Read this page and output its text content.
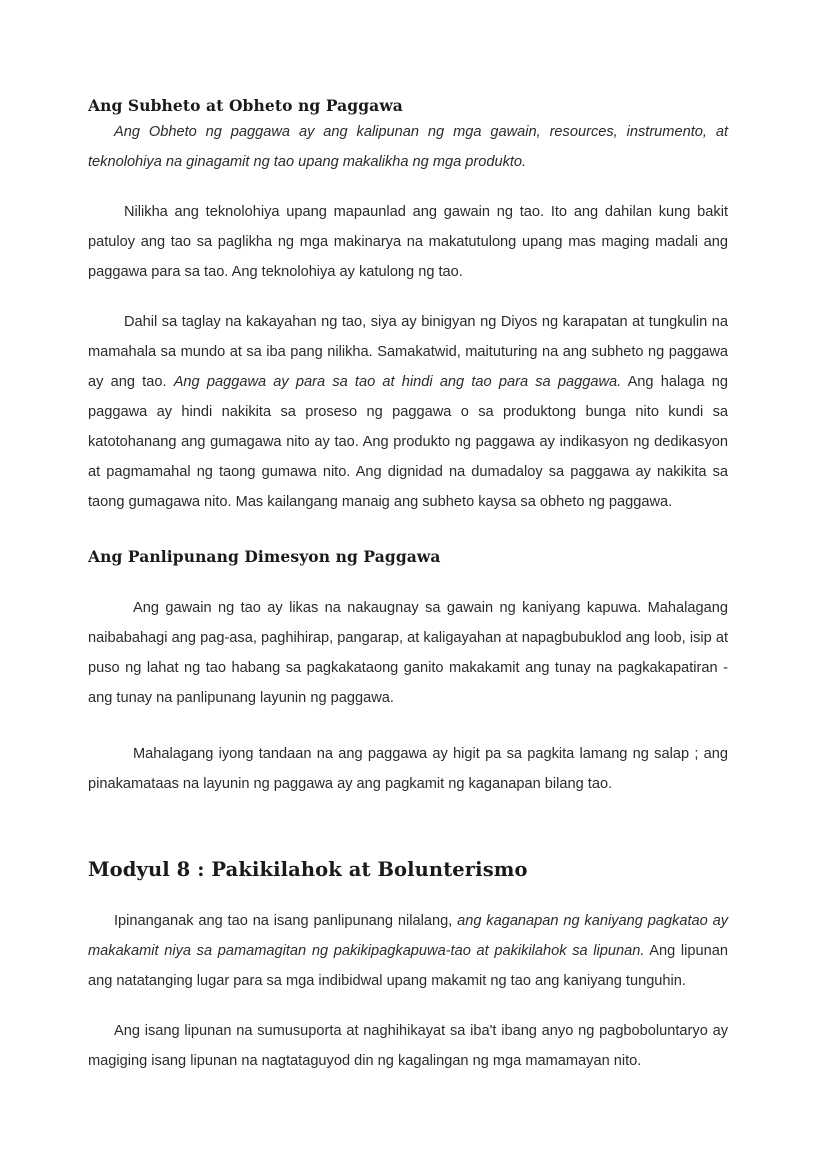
Ang Subheto at Obheto ng Paggawa

Ang Obheto ng paggawa ay ang kalipunan ng mga gawain, resources, instrumento, at teknolohiya na ginagamit ng tao upang makalikha ng mga produkto.

Nilikha ang teknolohiya upang mapaunlad ang gawain ng tao. Ito ang dahilan kung bakit patuloy ang tao sa paglikha ng mga makinarya na makatutulong upang mas maging madali ang paggawa para sa tao. Ang teknolohiya ay katulong ng tao.

Dahil sa taglay na kakayahan ng tao, siya ay binigyan ng Diyos ng karapatan at tungkulin na mamahala sa mundo at sa iba pang nilikha. Samakatwid, maituturing na ang subheto ng paggawa ay ang tao. Ang paggawa ay para sa tao at hindi ang tao para sa paggawa. Ang halaga ng paggawa ay hindi nakikita sa proseso ng paggawa o sa produktong bunga nito kundi sa katotohanang ang gumagawa nito ay tao. Ang produkto ng paggawa ay indikasyon ng dedikasyon at pagmamahal ng taong gumawa nito. Ang dignidad na dumadaloy sa paggawa ay nakikita sa taong gumagawa nito. Mas kailangang manaig ang subheto kaysa sa obheto ng paggawa.

Ang Panlipunang Dimesyon ng Paggawa

Ang gawain ng tao ay likas na nakaugnay sa gawain ng kaniyang kapuwa. Mahalagang naibabahagi ang pag-asa, paghihirap, pangarap, at kaligayahan at napagbubuklod ang loob, isip at puso ng lahat ng tao habang sa pagkakataong ganito makakamit ang tunay na pagkakapatiran - ang tunay na panlipunang layunin ng paggawa.

Mahalagang iyong tandaan na ang paggawa ay higit pa sa pagkita lamang ng salap ; ang pinakamataas na layunin ng paggawa ay ang pagkamit ng kaganapan bilang tao.

Modyul 8 : Pakikilahok at Bolunterismo

Ipinanganak ang tao na isang panlipunang nilalang, ang kaganapan ng kaniyang pagkatao ay makakamit niya sa pamamagitan ng pakikipagkapuwa-tao at pakikilahok sa lipunan. Ang lipunan ang natatanging lugar para sa mga indibidwal upang makamit ng tao ang kaniyang tunguhin.

Ang isang lipunan na sumusuporta at naghihikayat sa iba't ibang anyo ng pagboboluntaryo ay magiging isang lipunan na nagtataguyod din ng kagalingan ng mga mamamayan nito.
